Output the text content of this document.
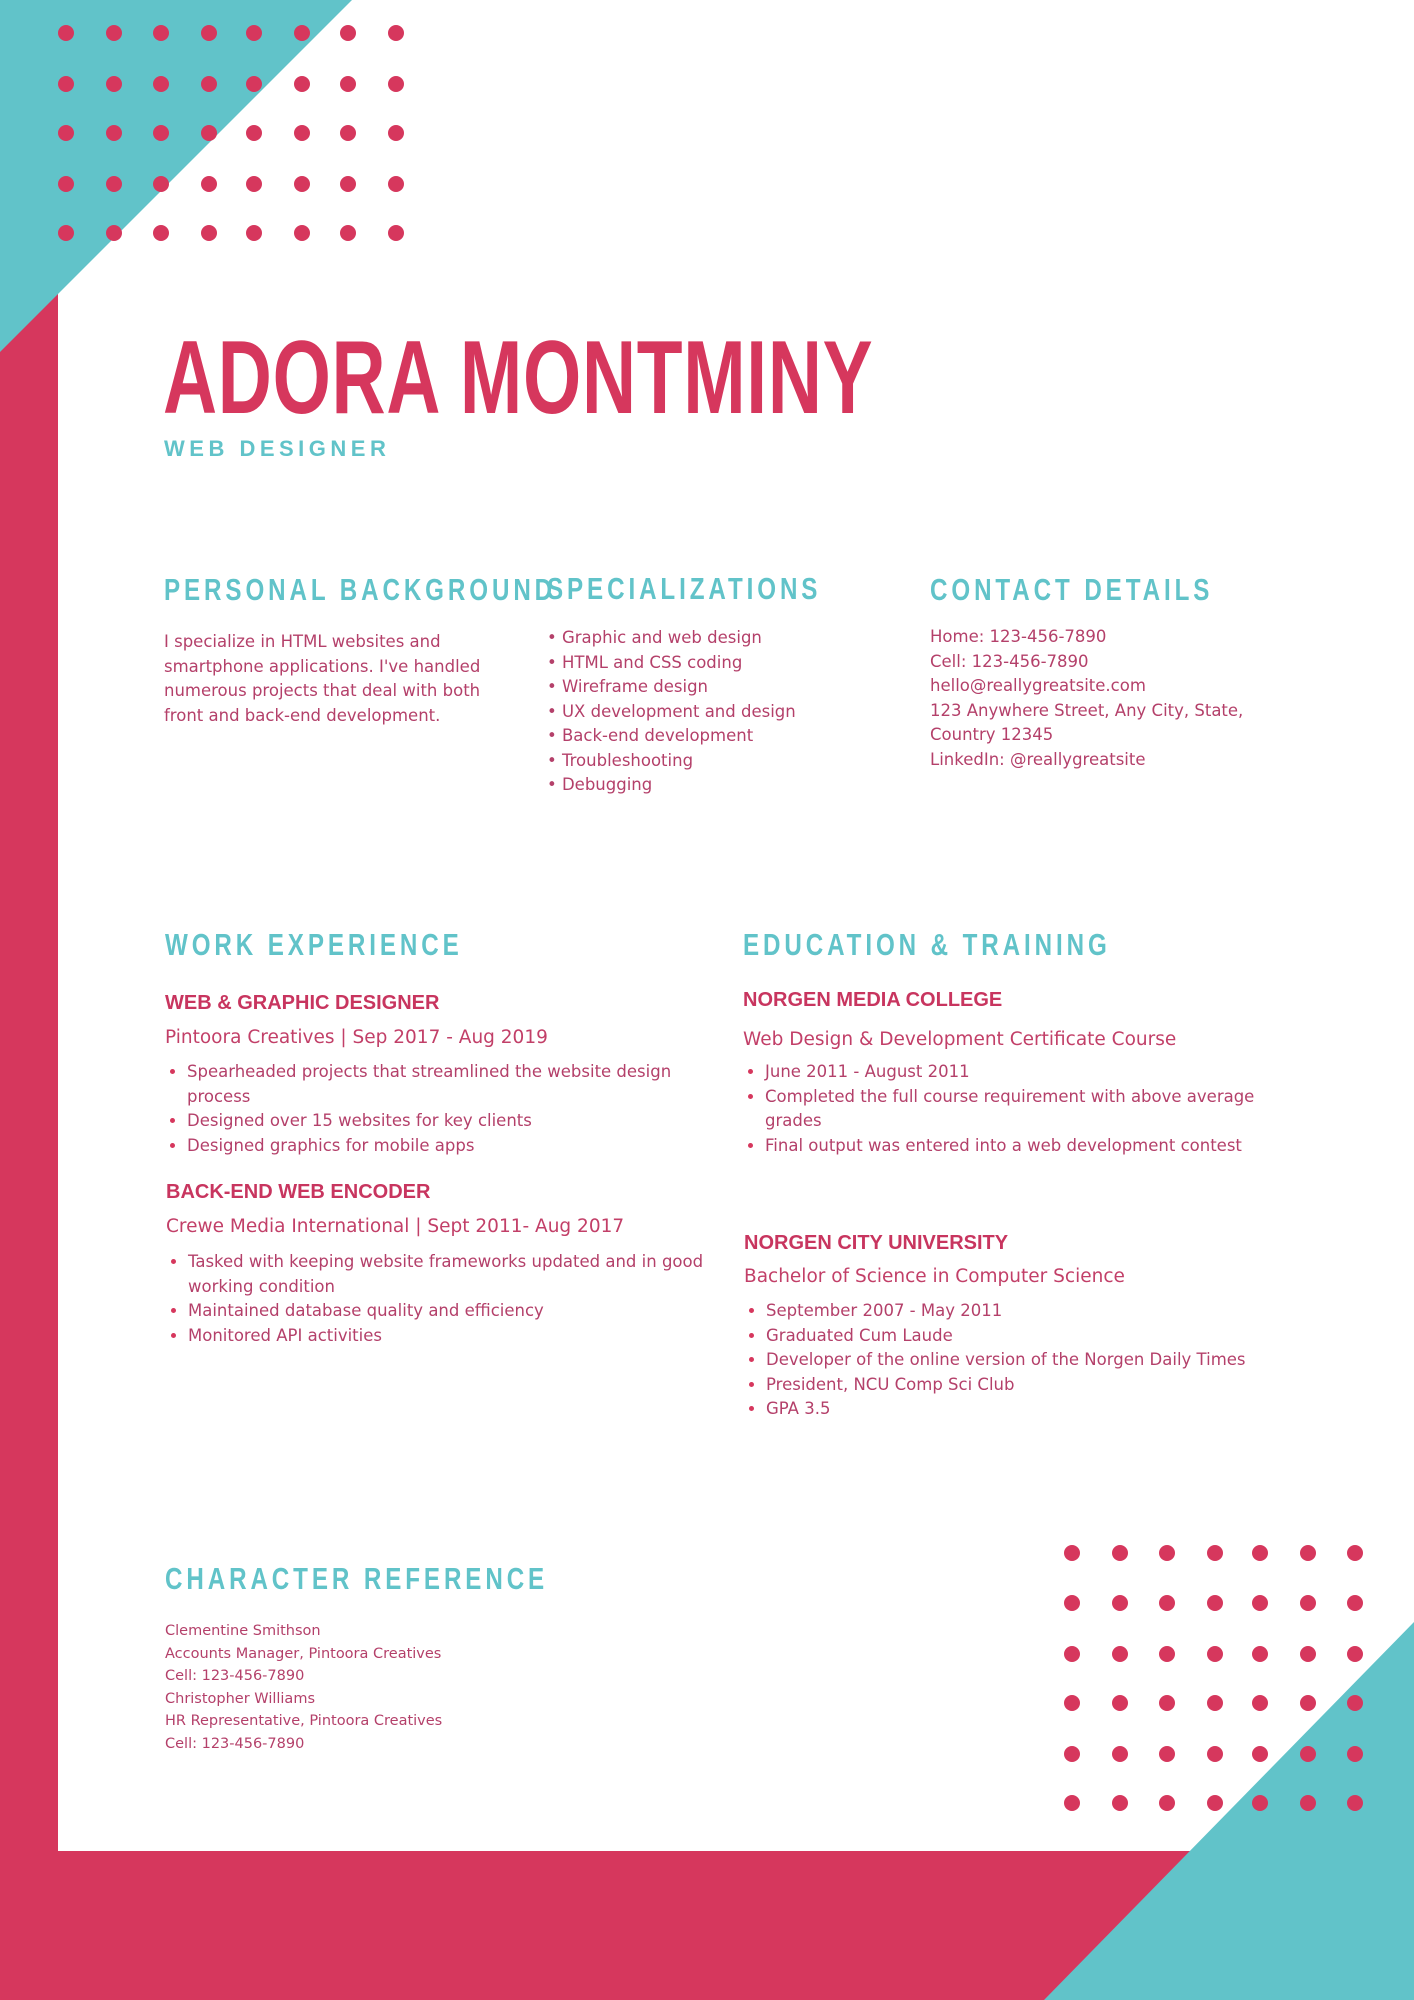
ADORA MONTMINY
WEB DESIGNER
PERSONAL BACKGROUND
I specialize in HTML websites and
smartphone applications. I've handled
numerous projects that deal with both
front and back-end development.
SPECIALIZATIONS
• Graphic and web design
• HTML and CSS coding
• Wireframe design
• UX development and design
• Back-end development
• Troubleshooting
• Debugging
CONTACT DETAILS
Home: 123-456-7890
Cell: 123-456-7890
hello@reallygreatsite.com
123 Anywhere Street, Any City, State,
Country 12345
LinkedIn: @reallygreatsite
WORK EXPERIENCE
WEB & GRAPHIC DESIGNER
Pintoora Creatives | Sep 2017 - Aug 2019
• Spearheaded projects that streamlined the website design process
• Designed over 15 websites for key clients
• Designed graphics for mobile apps
BACK-END WEB ENCODER
Crewe Media International | Sept 2011- Aug 2017
• Tasked with keeping website frameworks updated and in good working condition
• Maintained database quality and efficiency
• Monitored API activities
EDUCATION & TRAINING
NORGEN MEDIA COLLEGE
Web Design & Development Certificate Course
• June 2011 - August 2011
• Completed the full course requirement with above average grades
• Final output was entered into a web development contest
NORGEN CITY UNIVERSITY
Bachelor of Science in Computer Science
• September 2007 - May 2011
• Graduated Cum Laude
• Developer of the online version of the Norgen Daily Times
• President, NCU Comp Sci Club
• GPA 3.5
CHARACTER REFERENCE
Clementine Smithson
Accounts Manager, Pintoora Creatives
Cell: 123-456-7890
Christopher Williams
HR Representative, Pintoora Creatives
Cell: 123-456-7890
